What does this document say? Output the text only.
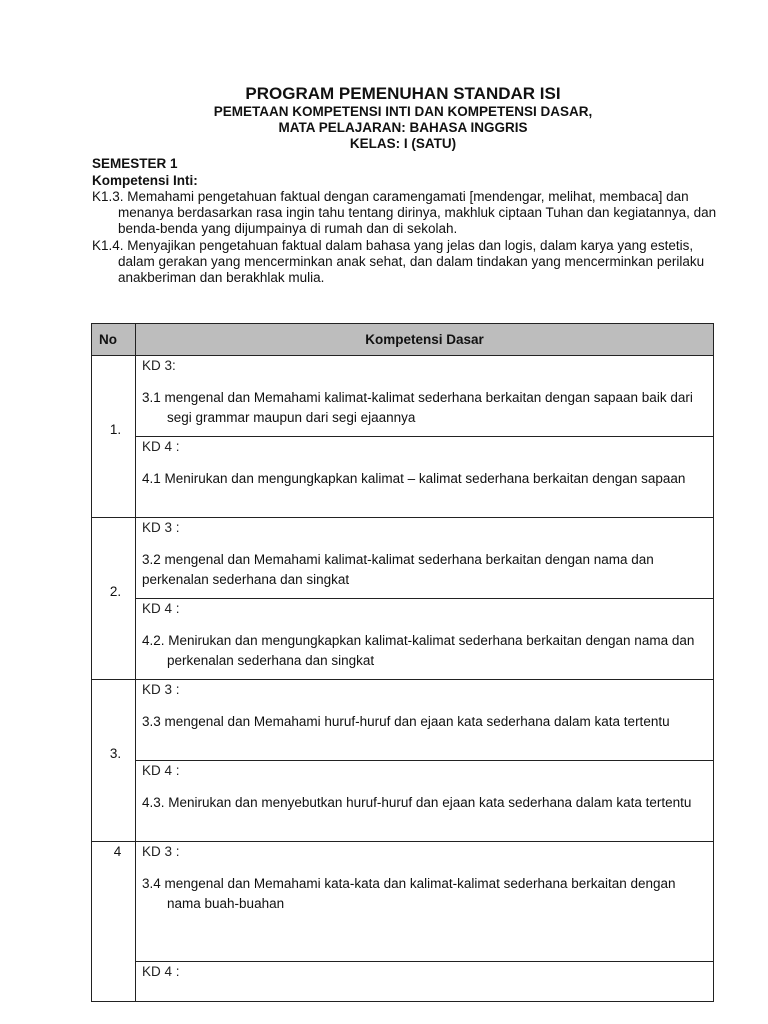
PROGRAM PEMENUHAN STANDAR ISI
PEMETAAN KOMPETENSI INTI DAN KOMPETENSI DASAR,
MATA PELAJARAN: BAHASA INGGRIS
KELAS: I (SATU)
SEMESTER 1
Kompetensi Inti:

K1.3. Memahami pengetahuan faktual dengan caramengamati [mendengar, melihat, membaca] dan menanya berdasarkan rasa ingin tahu tentang dirinya, makhluk ciptaan Tuhan dan kegiatannya, dan benda-benda yang dijumpainya di rumah dan di sekolah.

K1.4. Menyajikan pengetahuan faktual dalam bahasa yang jelas dan logis, dalam karya yang estetis, dalam gerakan yang mencerminkan anak sehat, dan dalam tindakan yang mencerminkan perilaku anakberiman dan berakhlak mulia.

No	Kompetensi Dasar
1.	KD 3:
3.1 mengenal dan Memahami kalimat-kalimat sederhana berkaitan dengan sapaan baik dari segi grammar maupun dari segi ejaannya

	KD 4 :
4.1 Menirukan dan mengungkapkan kalimat – kalimat sederhana berkaitan dengan sapaan

2.	KD 3 :
3.2 mengenal dan Memahami kalimat-kalimat sederhana berkaitan dengan nama dan perkenalan sederhana dan singkat

	KD 4 :
4.2. Menirukan dan mengungkapkan kalimat-kalimat sederhana berkaitan dengan nama dan perkenalan sederhana dan singkat

3.	KD 3 :
3.3 mengenal dan Memahami huruf-huruf dan ejaan kata sederhana dalam kata tertentu

	KD 4 :
4.3. Menirukan dan menyebutkan huruf-huruf dan ejaan kata sederhana dalam kata tertentu

4	KD 3 :
3.4 mengenal dan Memahami kata-kata dan kalimat-kalimat sederhana berkaitan dengan nama buah-buahan

	KD 4 :
